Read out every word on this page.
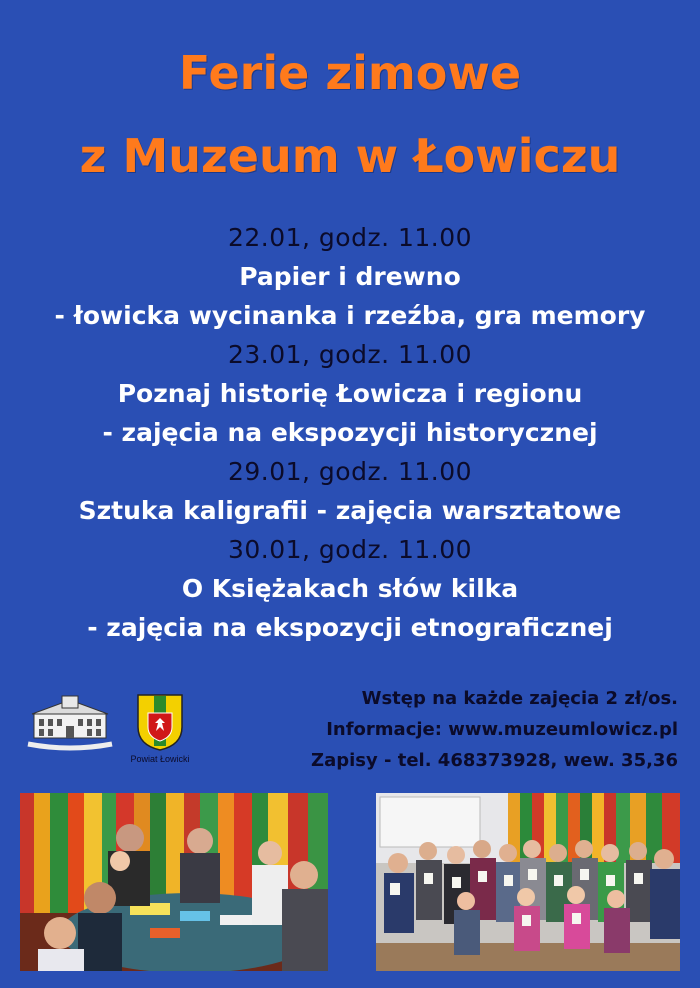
Ferie zimowe
z Muzeum w Łowiczu
22.01, godz. 11.00
Papier i drewno
- łowicka wycinanka i rzeźba, gra memory
23.01, godz. 11.00
Poznaj historię Łowicza i regionu
- zajęcia na ekspozycji historycznej
29.01, godz. 11.00
Sztuka kaligrafii - zajęcia warsztatowe
30.01, godz. 11.00
O Księżakach słów kilka
- zajęcia na ekspozycji etnograficznej
Powiat Łowicki
Wstęp na każde zajęcia 2 zł/os.
Informacje: www.muzeumlowicz.pl
Zapisy - tel. 468373928, wew. 35,36
